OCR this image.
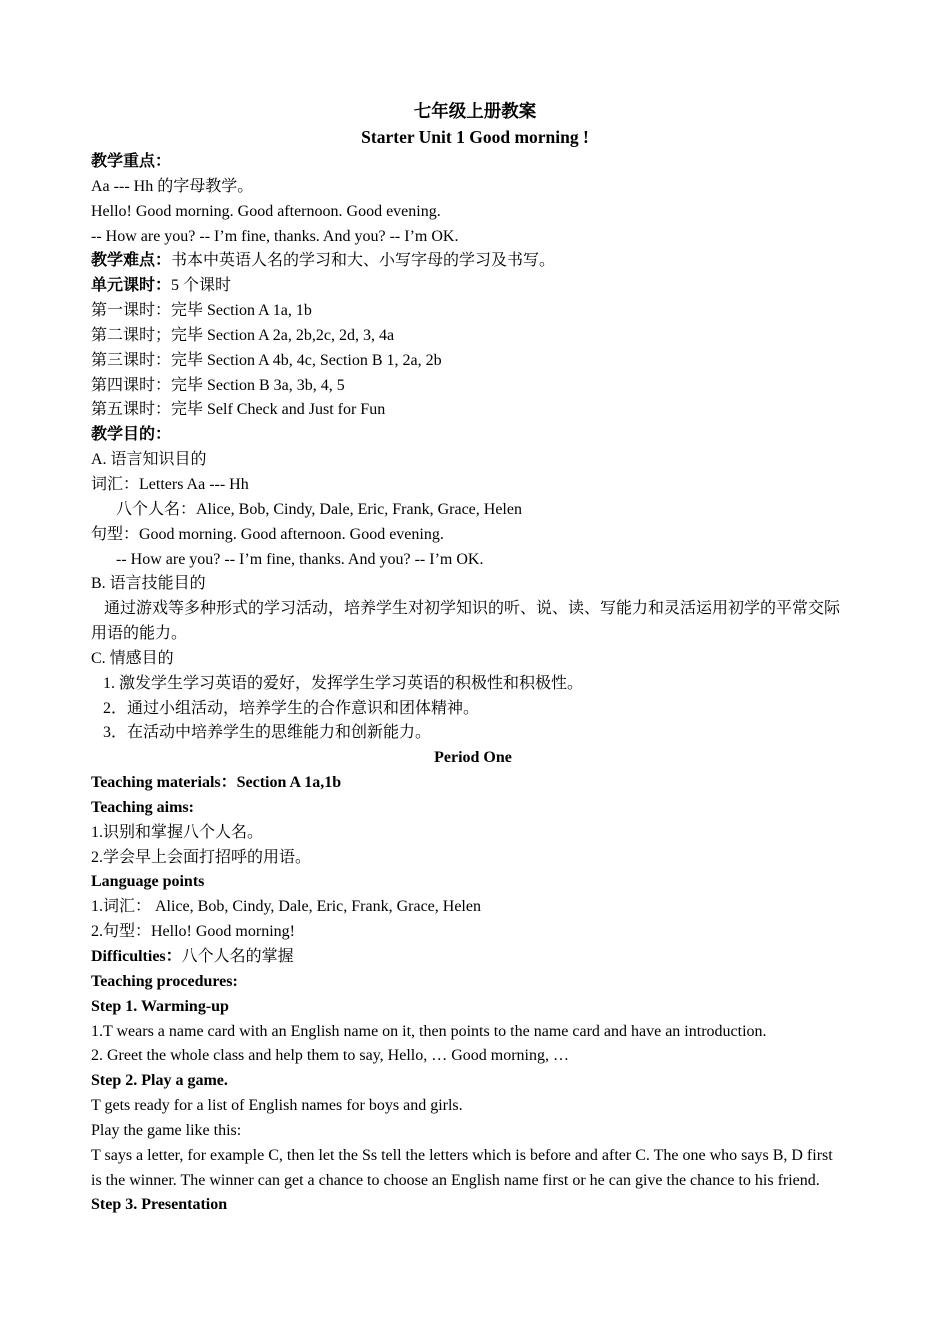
七年级上册教案
Starter Unit 1 Good morning !
教学重点：
Aa --- Hh 的字母教学。
Hello! Good morning. Good afternoon. Good evening.
-- How are you? -- I’m fine, thanks. And you? -- I’m OK.
教学难点：书本中英语人名的学习和大、小写字母的学习及书写。
单元课时：5 个课时
第一课时：完毕 Section A 1a, 1b
第二课时；完毕 Section A 2a, 2b,2c, 2d, 3, 4a
第三课时：完毕 Section A 4b, 4c, Section B 1, 2a, 2b
第四课时：完毕 Section B 3a, 3b, 4, 5
第五课时：完毕 Self Check and Just for Fun
教学目的：
A. 语言知识目的
词汇：Letters Aa --- Hh
八个人名：Alice, Bob, Cindy, Dale, Eric, Frank, Grace, Helen
句型：Good morning. Good afternoon. Good evening.
-- How are you? -- I’m fine, thanks. And you? -- I’m OK.
B. 语言技能目的
通过游戏等多种形式的学习活动，培养学生对初学知识的听、说、读、写能力和灵活运用初学的平常交际用语的能力。
C. 情感目的
1. 激发学生学习英语的爱好，发挥学生学习英语的积极性和积极性。
2．通过小组活动，培养学生的合作意识和团体精神。
3．在活动中培养学生的思维能力和创新能力。
Period One
Teaching materials：Section A 1a,1b
Teaching aims:
1.识别和掌握八个人名。
2.学会早上会面打招呼的用语。
Language points
1.词汇： Alice, Bob, Cindy, Dale, Eric, Frank, Grace, Helen
2.句型：Hello! Good morning!
Difficulties：八个人名的掌握
Teaching procedures:
Step 1. Warming-up
1.T wears a name card with an English name on it, then points to the name card and have an introduction.
2. Greet the whole class and help them to say, Hello, … Good morning, …
Step 2. Play a game.
T gets ready for a list of English names for boys and girls.
Play the game like this:
T says a letter, for example C, then let the Ss tell the letters which is before and after C. The one who says B, D first is the winner. The winner can get a chance to choose an English name first or he can give the chance to his friend.
Step 3. Presentation
